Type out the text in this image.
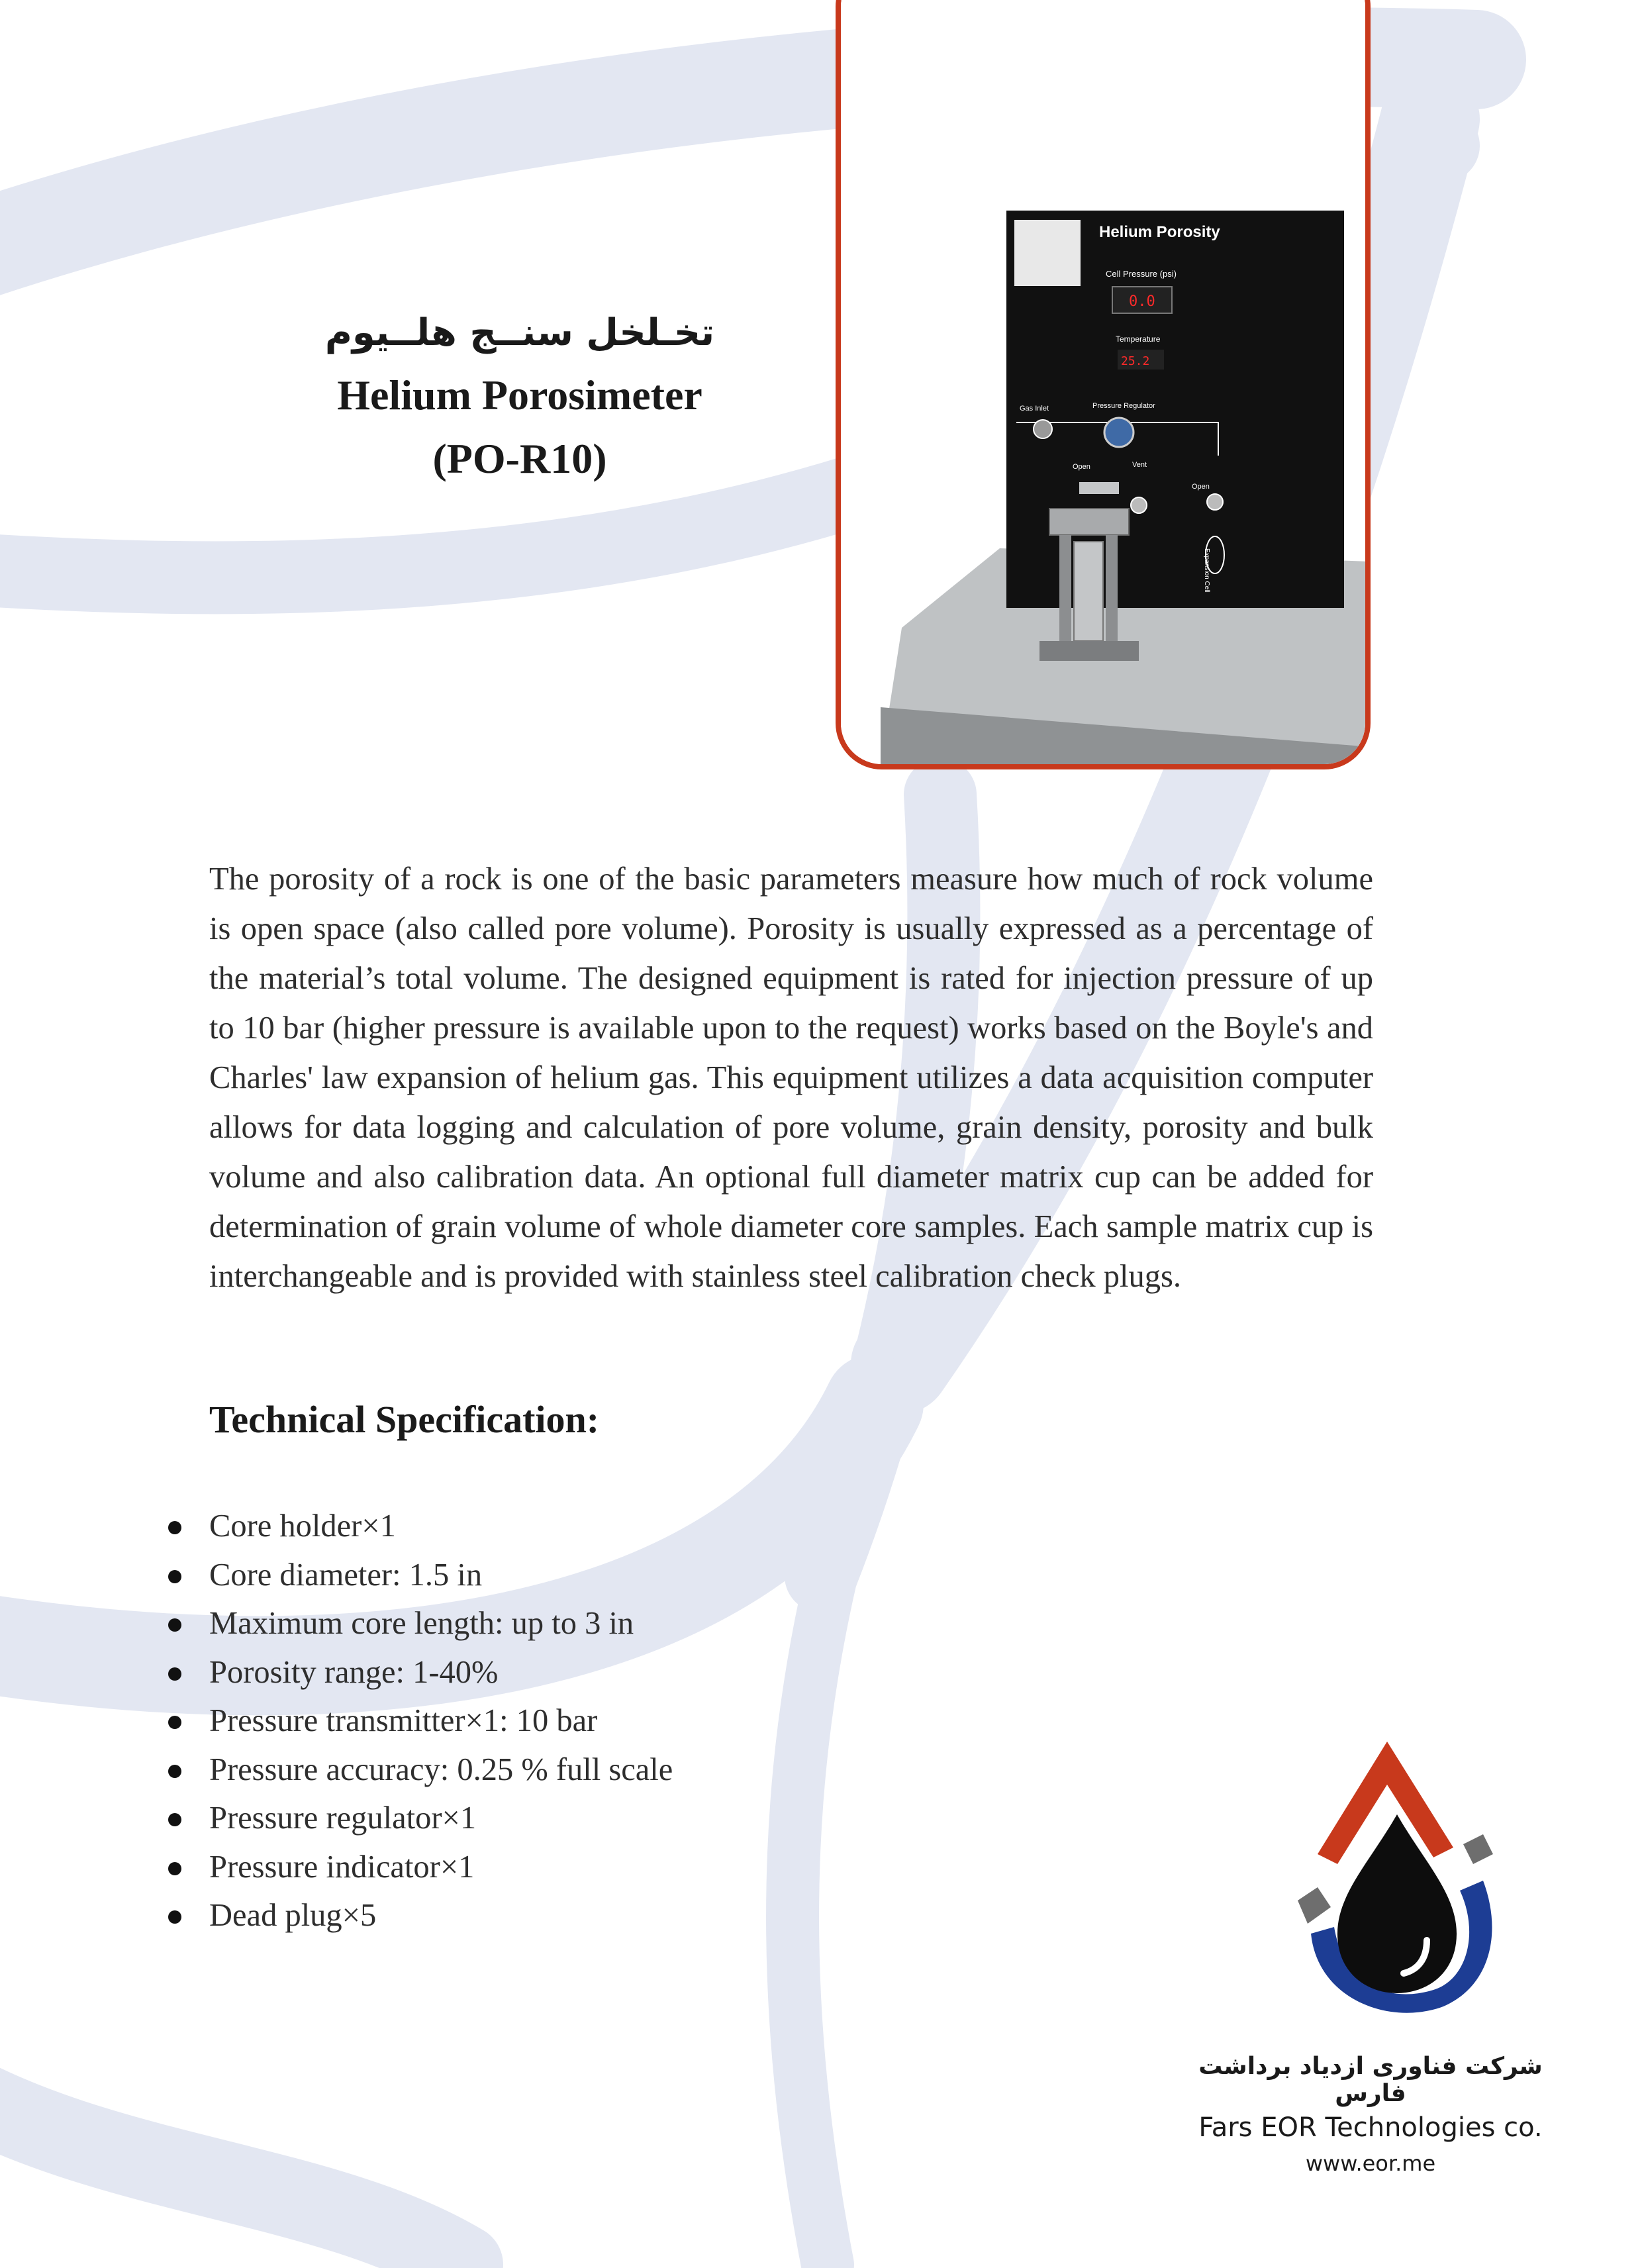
تخـلخل سنــج هلــیوم

Helium Porosimeter

(PO-R10)

Helium Porosity
Cell Pressure (psi)
0.0
Temperature
25.2
Gas Inlet	Pressure Regulator
Open	Vent
Open
Expansion Cell

The porosity of a rock is one of the basic parameters measure how much of rock volume is open space (also called pore volume). Porosity is usually expressed as a percentage of the material’s total volume. The designed equipment is rated for injection pressure of up to 10 bar (higher pressure is available upon to the request) works based on the Boyle's and Charles' law expansion of helium gas. This equipment utilizes a data acquisition computer allows for data logging and calculation of pore volume, grain density, porosity and bulk volume and also calibration data. An optional full diameter matrix cup can be added for determination of grain volume of whole diameter core samples. Each sample matrix cup is interchangeable and is provided with stainless steel calibration check plugs.

Technical Specification:
Core holder×1
Core diameter: 1.5 in
Maximum core length: up to 3 in
Porosity range: 1-40%
Pressure transmitter×1: 10 bar
Pressure accuracy: 0.25 % full scale
Pressure regulator×1
Pressure indicator×1
Dead plug×5

شرکت فناوری ازدیاد برداشت فارس

Fars EOR Technologies co.

www.eor.me
